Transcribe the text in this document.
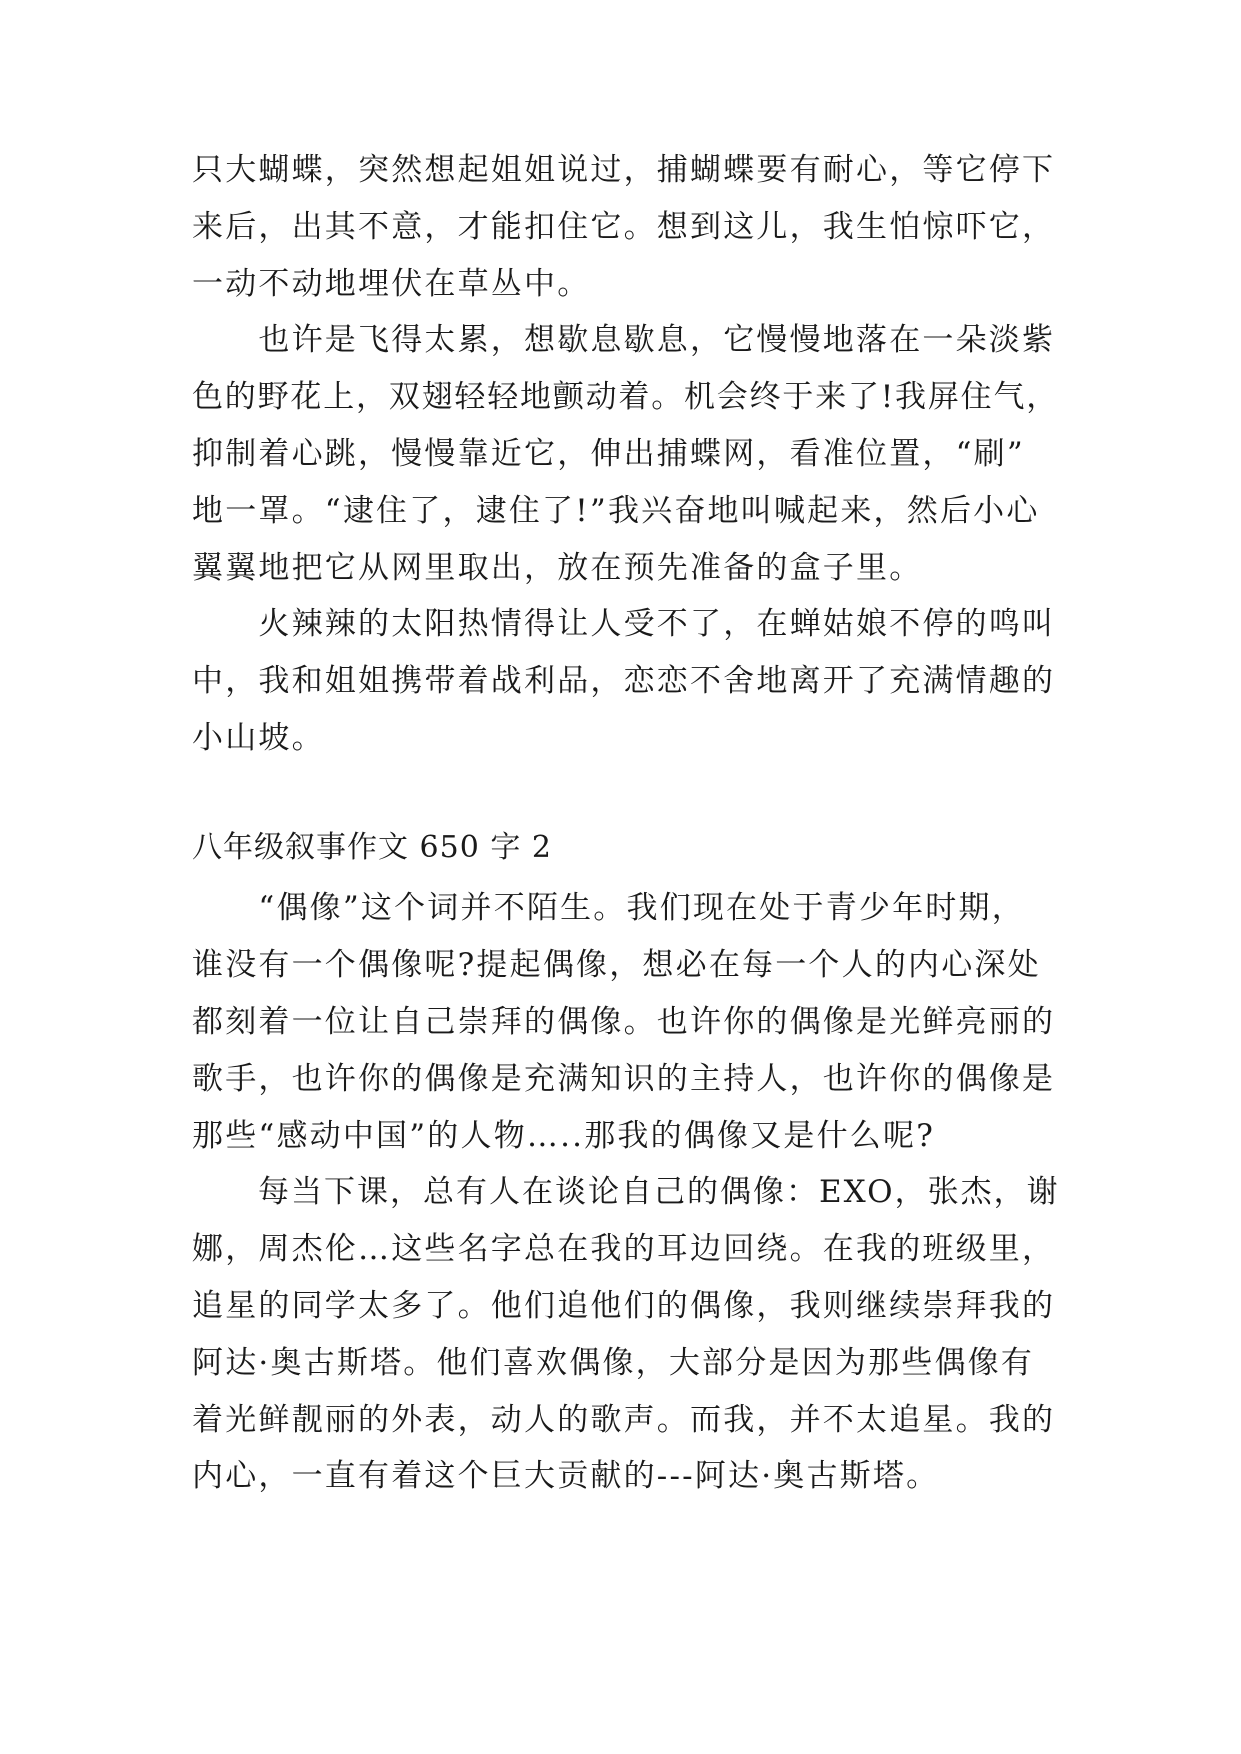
只大蝴蝶，突然想起姐姐说过，捕蝴蝶要有耐心，等它停下
来后，出其不意，才能扣住它。想到这儿，我生怕惊吓它，
一动不动地埋伏在草丛中。
　　也许是飞得太累，想歇息歇息，它慢慢地落在一朵淡紫
色的野花上，双翅轻轻地颤动着。机会终于来了!我屏住气，
抑制着心跳，慢慢靠近它，伸出捕蝶网，看准位置，“刷”
地一罩。“逮住了，逮住了!”我兴奋地叫喊起来，然后小心
翼翼地把它从网里取出，放在预先准备的盒子里。
　　火辣辣的太阳热情得让人受不了，在蝉姑娘不停的鸣叫
中，我和姐姐携带着战利品，恋恋不舍地离开了充满情趣的
小山坡。
八年级叙事作文 650 字 2
　　“偶像”这个词并不陌生。我们现在处于青少年时期，
谁没有一个偶像呢?提起偶像，想必在每一个人的内心深处
都刻着一位让自己崇拜的偶像。也许你的偶像是光鲜亮丽的
歌手，也许你的偶像是充满知识的主持人，也许你的偶像是
那些“感动中国”的人物…..那我的偶像又是什么呢?
　　每当下课，总有人在谈论自己的偶像：EXO，张杰，谢
娜，周杰伦…这些名字总在我的耳边回绕。在我的班级里，
追星的同学太多了。他们追他们的偶像，我则继续崇拜我的
阿达·奥古斯塔。他们喜欢偶像，大部分是因为那些偶像有
着光鲜靓丽的外表，动人的歌声。而我，并不太追星。我的
内心，一直有着这个巨大贡献的---阿达·奥古斯塔。
